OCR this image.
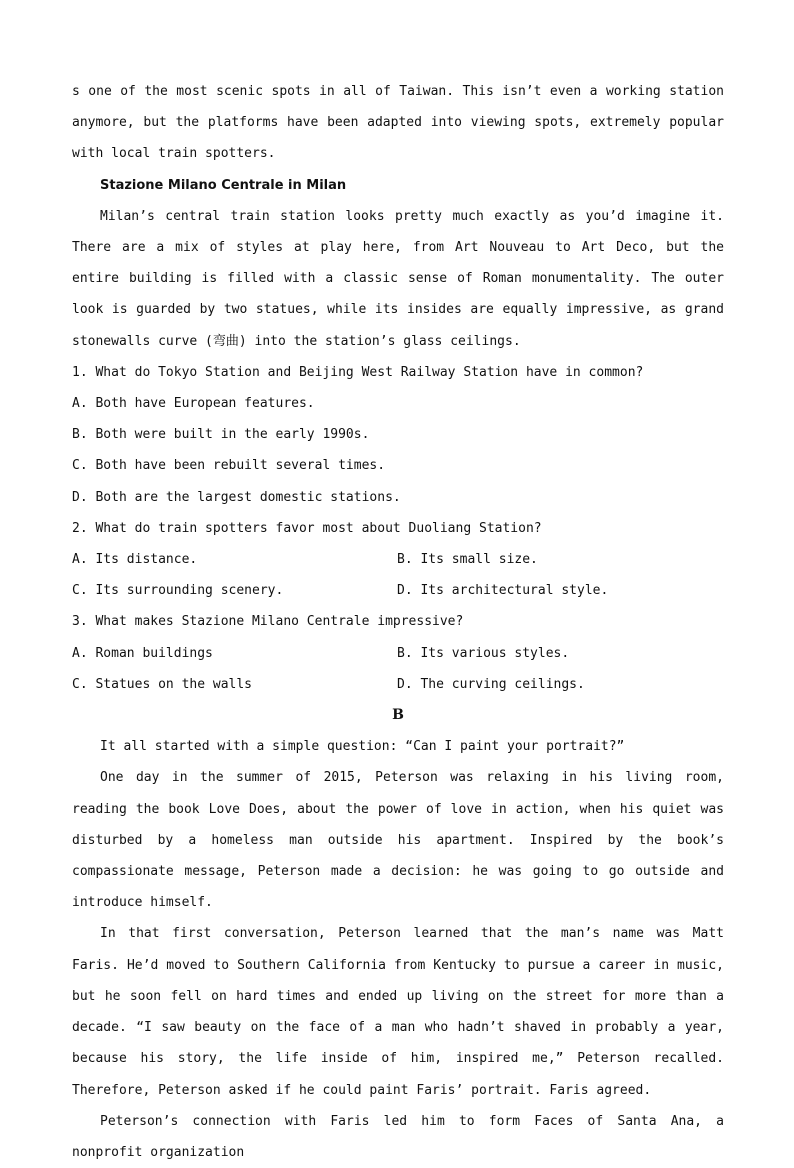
s one of the most scenic spots in all of Taiwan. This isn’t even a working station anymore, but the platforms have been adapted into viewing spots, extremely popular with local train spotters.

Stazione Milano Centrale in Milan

Milan’s central train station looks pretty much exactly as you’d imagine it. There are a mix of styles at play here, from Art Nouveau to Art Deco, but the entire building is filled with a classic sense of Roman monumentality. The outer look is guarded by two statues, while its insides are equally impressive, as grand stonewalls curve (弯曲) into the station’s glass ceilings.

1. What do Tokyo Station and Beijing West Railway Station have in common?

A. Both have European features.

B. Both were built in the early 1990s.

C. Both have been rebuilt several times.

D. Both are the largest domestic stations.

2. What do train spotters favor most about Duoliang Station?

A. Its distance.	B. Its small size.
C. Its surrounding scenery.	D. Its architectural style.

3. What makes Stazione Milano Centrale impressive?

A. Roman buildings	B. Its various styles.
C. Statues on the walls	D. The curving ceilings.

B

It all started with a simple question: “Can I paint your portrait?”

One day in the summer of 2015, Peterson was relaxing in his living room, reading the book Love Does, about the power of love in action, when his quiet was disturbed by a homeless man outside his apartment. Inspired by the book’s compassionate message, Peterson made a decision: he was going to go outside and introduce himself.

In that first conversation, Peterson learned that the man’s name was Matt Faris. He’d moved to Southern California from Kentucky to pursue a career in music, but he soon fell on hard times and ended up living on the street for more than a decade. “I saw beauty on the face of a man who hadn’t shaved in probably a year, because his story, the life inside of him, inspired me,” Peterson recalled. Therefore, Peterson asked if he could paint Faris’ portrait. Faris agreed.

Peterson’s connection with Faris led him to form Faces of Santa Ana, a nonprofit organization
